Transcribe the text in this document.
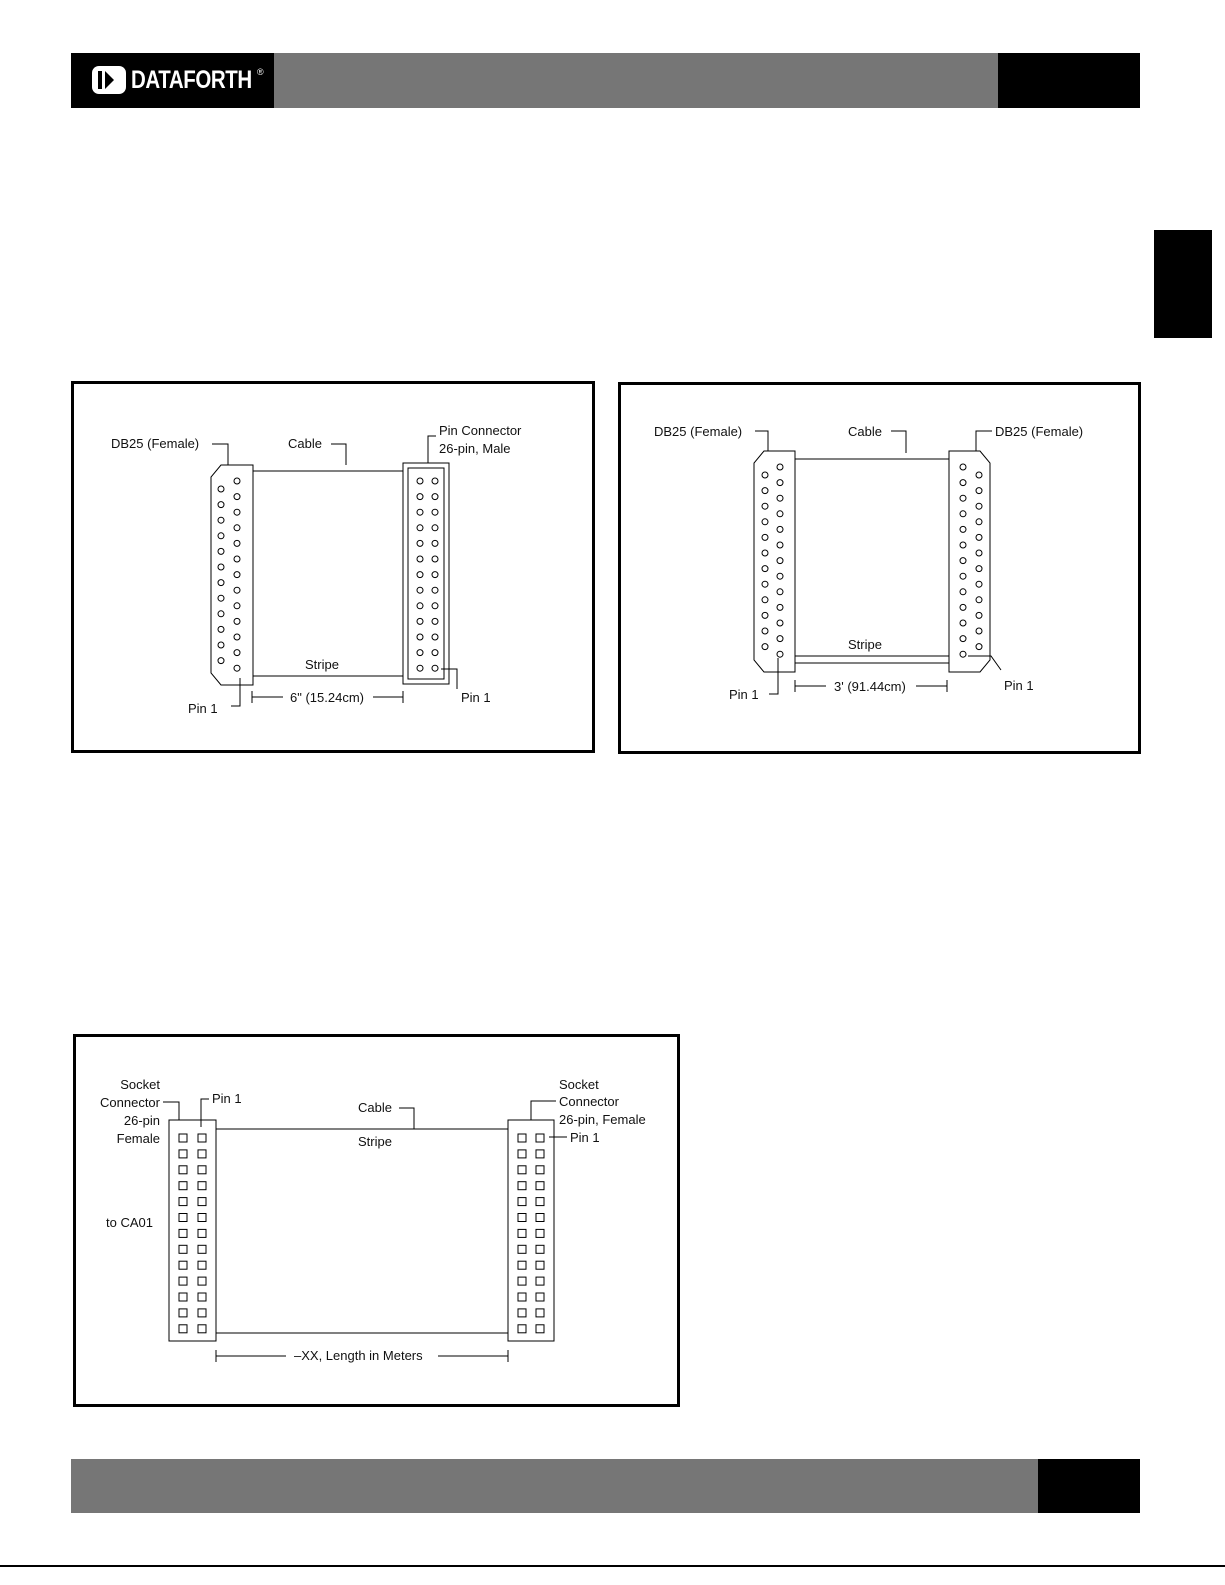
DATAFORTH ®
DB25 (Female)	Cable
Pin Connector
26-pin, Male
Stripe
Pin 1
Pin 1
6" (15.24cm)
DB25 (Female)	Cable	DB25 (Female)
Stripe
Pin 1
Pin 1
3' (91.44cm)
Socket
Connector
26-pin
Female
Pin 1
to CA01
Cable
Stripe
Socket
Connector
26-pin, Female
Pin 1
–XX, Length in Meters
